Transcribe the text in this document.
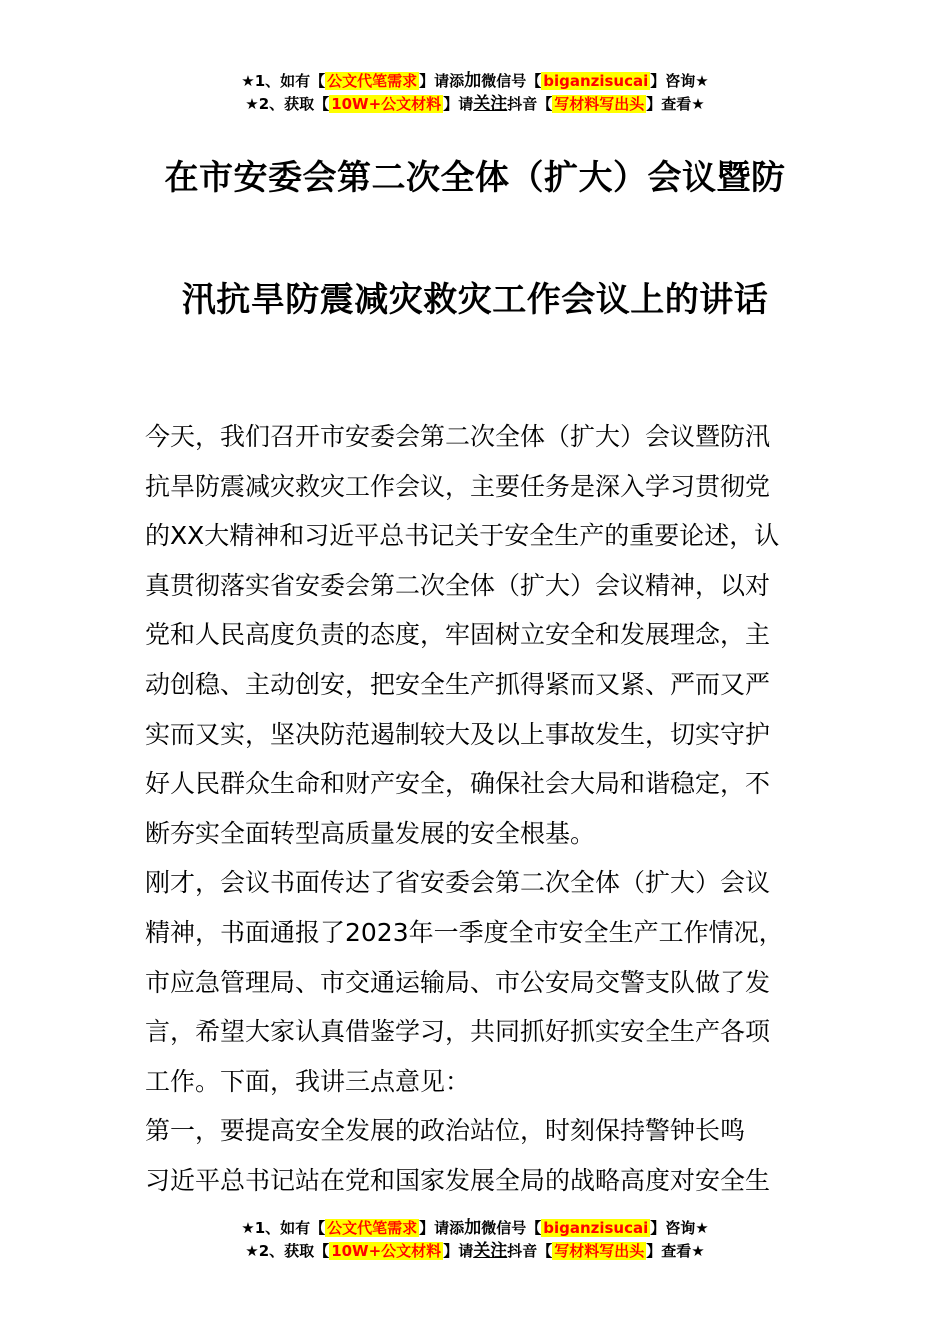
★1、如有【 公文代笔需求 】请添加微信号【 biganzisucai 】咨询★
★2、获取【 10W+公文材料 】请关注抖音【 写材料写出头 】查看★
在市安委会第二次全体（扩大）会议暨防
汛抗旱防震减灾救灾工作会议上的讲话

今天，我们召开市安委会第二次全体（扩大）会议暨防汛

抗旱防震减灾救灾工作会议，主要任务是深入学习贯彻党

的XX大精神和习近平总书记关于安全生产的重要论述，认

真贯彻落实省安委会第二次全体（扩大）会议精神，以对

党和人民高度负责的态度，牢固树立安全和发展理念，主

动创稳、主动创安，把安全生产抓得紧而又紧、严而又严

实而又实，坚决防范遏制较大及以上事故发生，切实守护

好人民群众生命和财产安全，确保社会大局和谐稳定，不

断夯实全面转型高质量发展的安全根基。

刚才，会议书面传达了省安委会第二次全体（扩大）会议

精神，书面通报了2023年一季度全市安全生产工作情况，

市应急管理局、市交通运输局、市公安局交警支队做了发

言，希望大家认真借鉴学习，共同抓好抓实安全生产各项

工作。下面，我讲三点意见：

第一，要提高安全发展的政治站位，时刻保持警钟长鸣

习近平总书记站在党和国家发展全局的战略高度对安全生

★1、如有【 公文代笔需求 】请添加微信号【 biganzisucai 】咨询★
★2、获取【 10W+公文材料 】请关注抖音【 写材料写出头 】查看★
